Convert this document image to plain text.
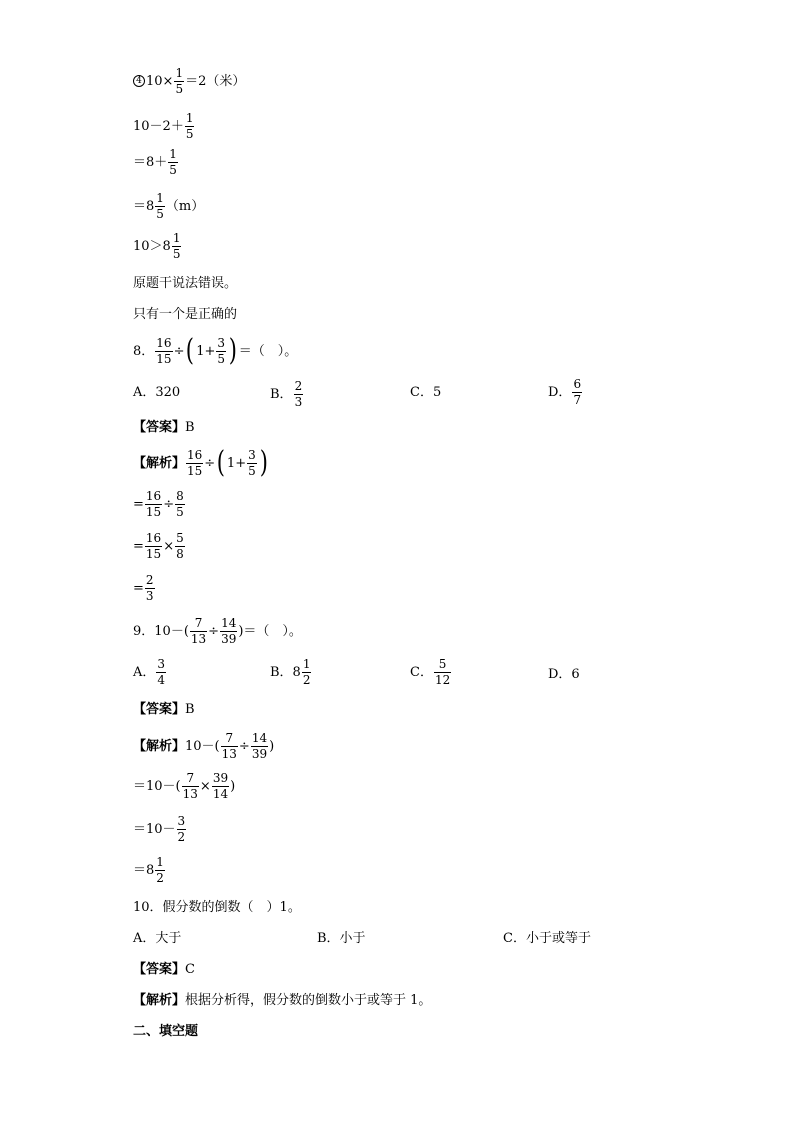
4 $10\times \frac{1}{5} =2$（米）
$10-2+ \frac{1}{5}$
$=8+ \frac{1}{5}$
$=8 \frac{1}{5} (m)$
$10>8 \frac{1}{5}$
原题干说法错误。
只有一个是正确的
8． $\frac{16}{15}$ ÷ ( $1+ \frac{3}{5}$ ) ＝（　）。
A．320	B． $\frac{2}{3}$	C．5	D． $\frac{6}{7}$
【答案】 B
【解析】 $\frac{16}{15}$ ÷ ( $1+ \frac{3}{5}$ )
= $\frac{16}{15} \div \frac{8}{5}$
= $\frac{16}{15} \times \frac{5}{8}$
= $\frac{2}{3}$
9．$10-( \frac{7}{13} \div \frac{14}{39}$ )＝（　）。
A． $\frac{3}{4}$	B．$8 \frac{1}{2}$	C． $\frac{5}{12}$	D．6
【答案】 B
【解析】 $10-( \frac{7}{13} \div \frac{14}{39}$ )
$=10-( \frac{7}{13} \times \frac{39}{14}$ )
$=10- \frac{3}{2}$
$=8 \frac{1}{2}$
10．假分数的倒数（　）1。
A．大于	B．小于	C．小于或等于
【答案】 C
【解析】 根据分析得，假分数的倒数小于或等于 1。
二、填空题
